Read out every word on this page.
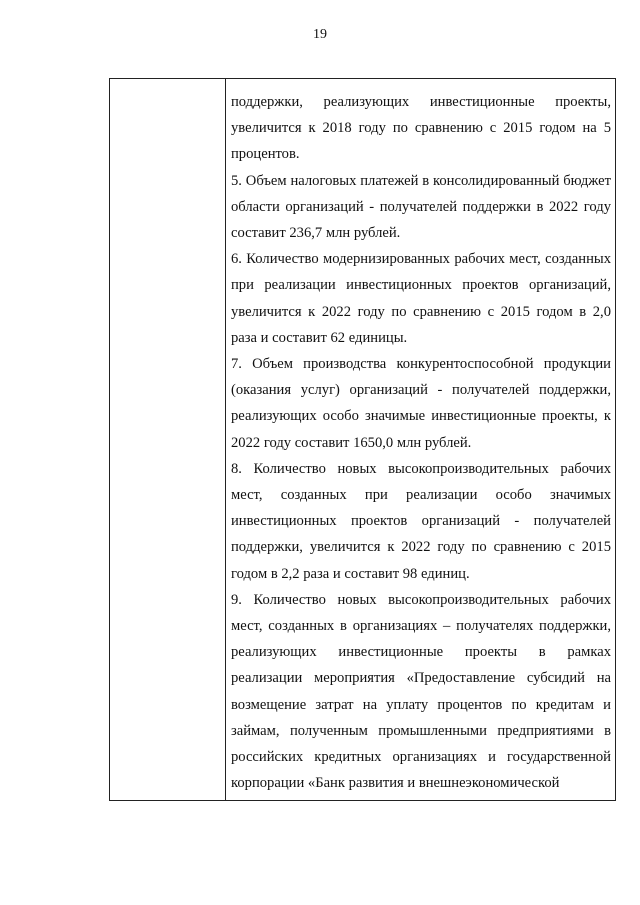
19

поддержки, реализующих инвестиционные проекты, увеличится к 2018 году по сравнению с 2015 годом на 5 процентов.

5. Объем налоговых платежей в консолидированный бюджет области организаций - получателей поддержки в 2022 году составит 236,7 млн рублей.

6. Количество модернизированных рабочих мест, созданных при реализации инвестиционных проектов организаций, увеличится к 2022 году по сравнению с 2015 годом в 2,0 раза и составит 62 единицы.

7. Объем производства конкурентоспособной продукции (оказания услуг) организаций - получателей поддержки, реализующих особо значимые инвестиционные проекты, к 2022 году составит 1650,0 млн рублей.

8. Количество новых высокопроизводительных рабочих мест, созданных при реализации особо значимых инвестиционных проектов организаций - получателей поддержки, увеличится к 2022 году по сравнению с 2015 годом в 2,2 раза и составит 98 единиц.

9. Количество новых высокопроизводительных рабочих мест, созданных в организациях – получателях поддержки, реализующих инвестиционные проекты в рамках реализации мероприятия «Предоставление субсидий на возмещение затрат на уплату процентов по кредитам и займам, полученным промышленными предприятиями в российских кредитных организациях и государственной корпорации «Банк развития и внешнеэкономической
